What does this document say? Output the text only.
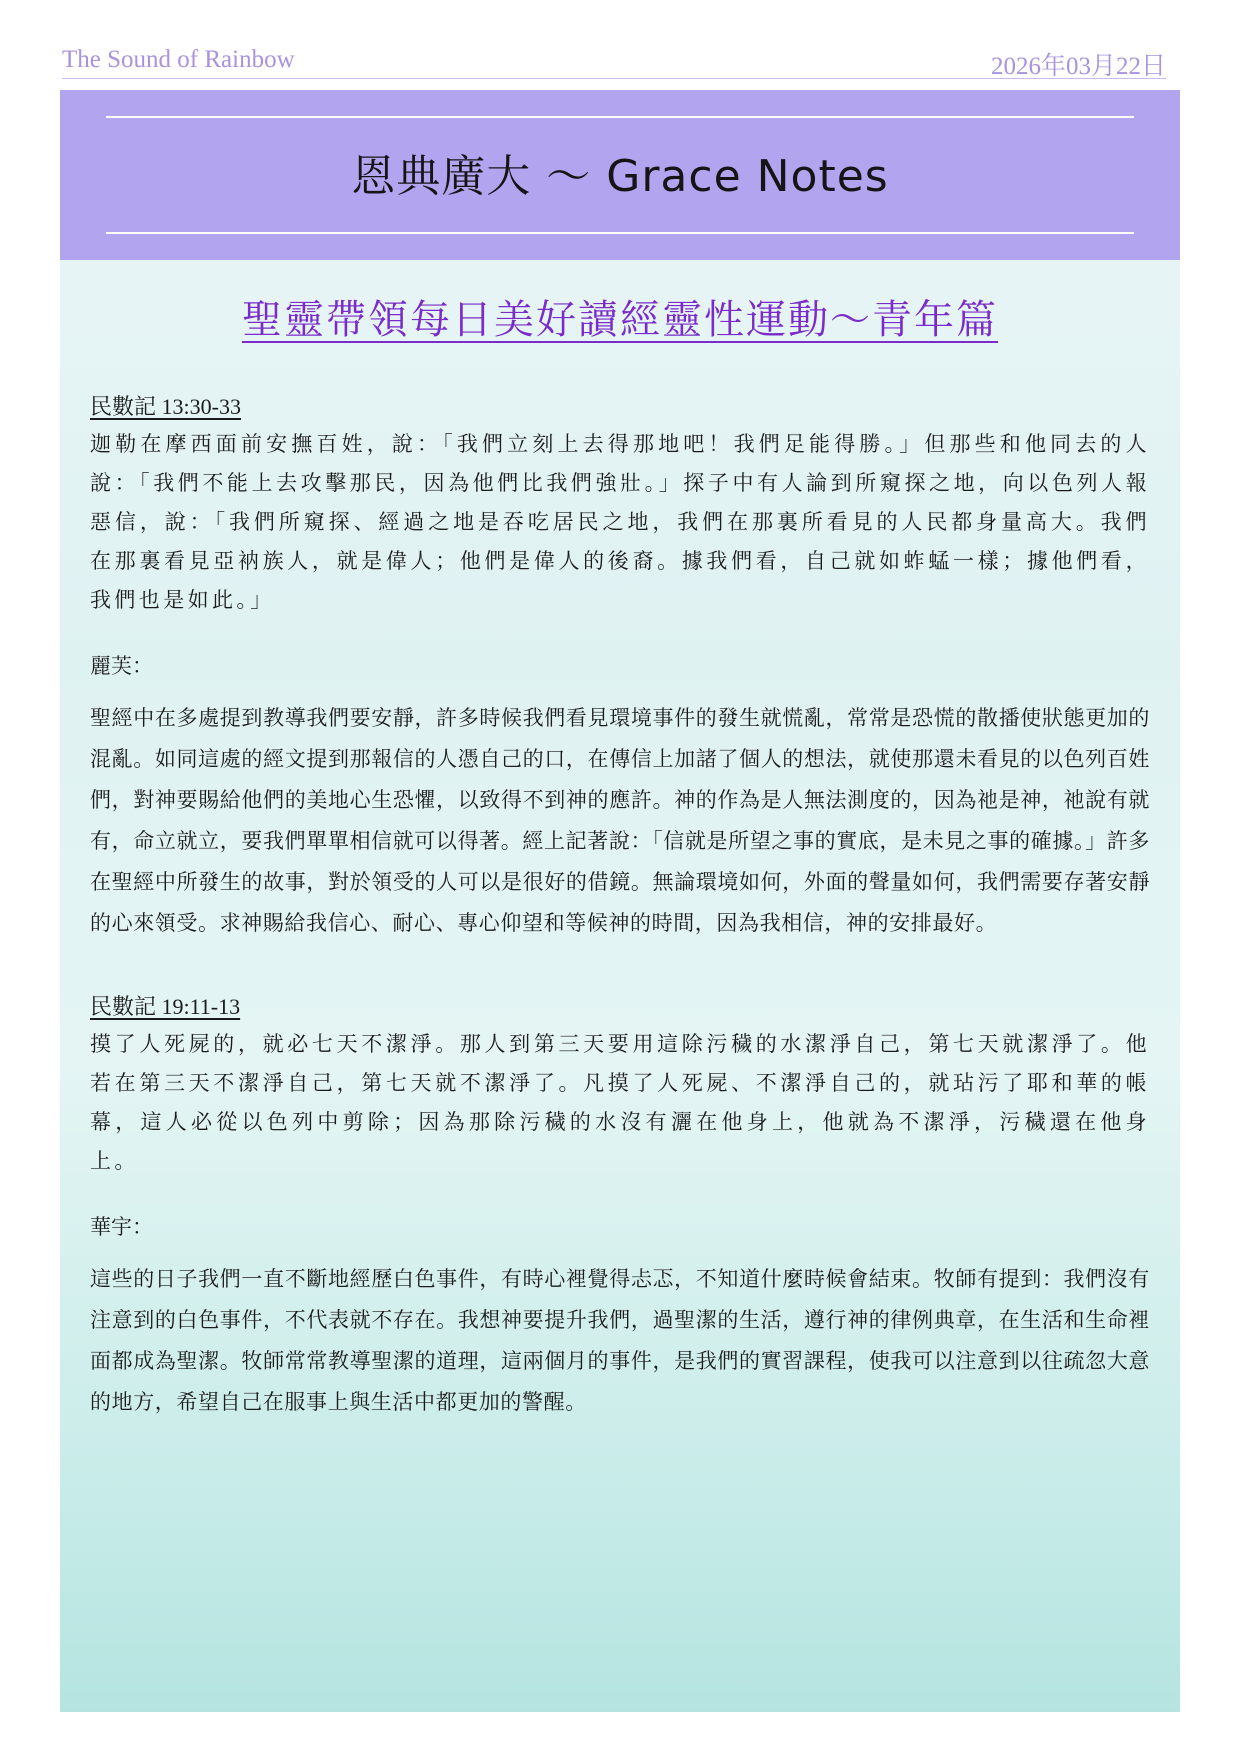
The Sound of Rainbow	2026年03月22日
恩典廣大 ～ Grace Notes
聖靈帶領每日美好讀經靈性運動～青年篇
民數記 13:30-33

迦勒在摩西面前安撫百姓，說：「我們立刻上去得那地吧！我們足能得勝。」但那些和他同去的人說：「我們不能上去攻擊那民，因為他們比我們強壯。」探子中有人論到所窺探之地，向以色列人報惡信，說：「我們所窺探、經過之地是吞吃居民之地，我們在那裏所看見的人民都身量高大。我們在那裏看見亞衲族人，就是偉人；他們是偉人的後裔。據我們看，自己就如蚱蜢一樣；據他們看，我們也是如此。」

麗芙：

聖經中在多處提到教導我們要安靜，許多時候我們看見環境事件的發生就慌亂，常常是恐慌的散播使狀態更加的混亂。如同這處的經文提到那報信的人憑自己的口，在傳信上加諸了個人的想法，就使那還未看見的以色列百姓們，對神要賜給他們的美地心生恐懼，以致得不到神的應許。神的作為是人無法測度的，因為祂是神，祂說有就有，命立就立，要我們單單相信就可以得著。經上記著說：「信就是所望之事的實底，是未見之事的確據。」許多在聖經中所發生的故事，對於領受的人可以是很好的借鏡。無論環境如何，外面的聲量如何，我們需要存著安靜的心來領受。求神賜給我信心、耐心、專心仰望和等候神的時間，因為我相信，神的安排最好。

民數記 19:11-13

摸了人死屍的，就必七天不潔淨。那人到第三天要用這除污穢的水潔淨自己，第七天就潔淨了。他若在第三天不潔淨自己，第七天就不潔淨了。凡摸了人死屍、不潔淨自己的，就玷污了耶和華的帳幕，這人必從以色列中剪除；因為那除污穢的水沒有灑在他身上，他就為不潔淨，污穢還在他身上。

華宇：

這些的日子我們一直不斷地經歷白色事件，有時心裡覺得忐忑，不知道什麼時候會結束。牧師有提到：我們沒有注意到的白色事件，不代表就不存在。我想神要提升我們，過聖潔的生活，遵行神的律例典章，在生活和生命裡面都成為聖潔。牧師常常教導聖潔的道理，這兩個月的事件，是我們的實習課程，使我可以注意到以往疏忽大意的地方，希望自己在服事上與生活中都更加的警醒。
